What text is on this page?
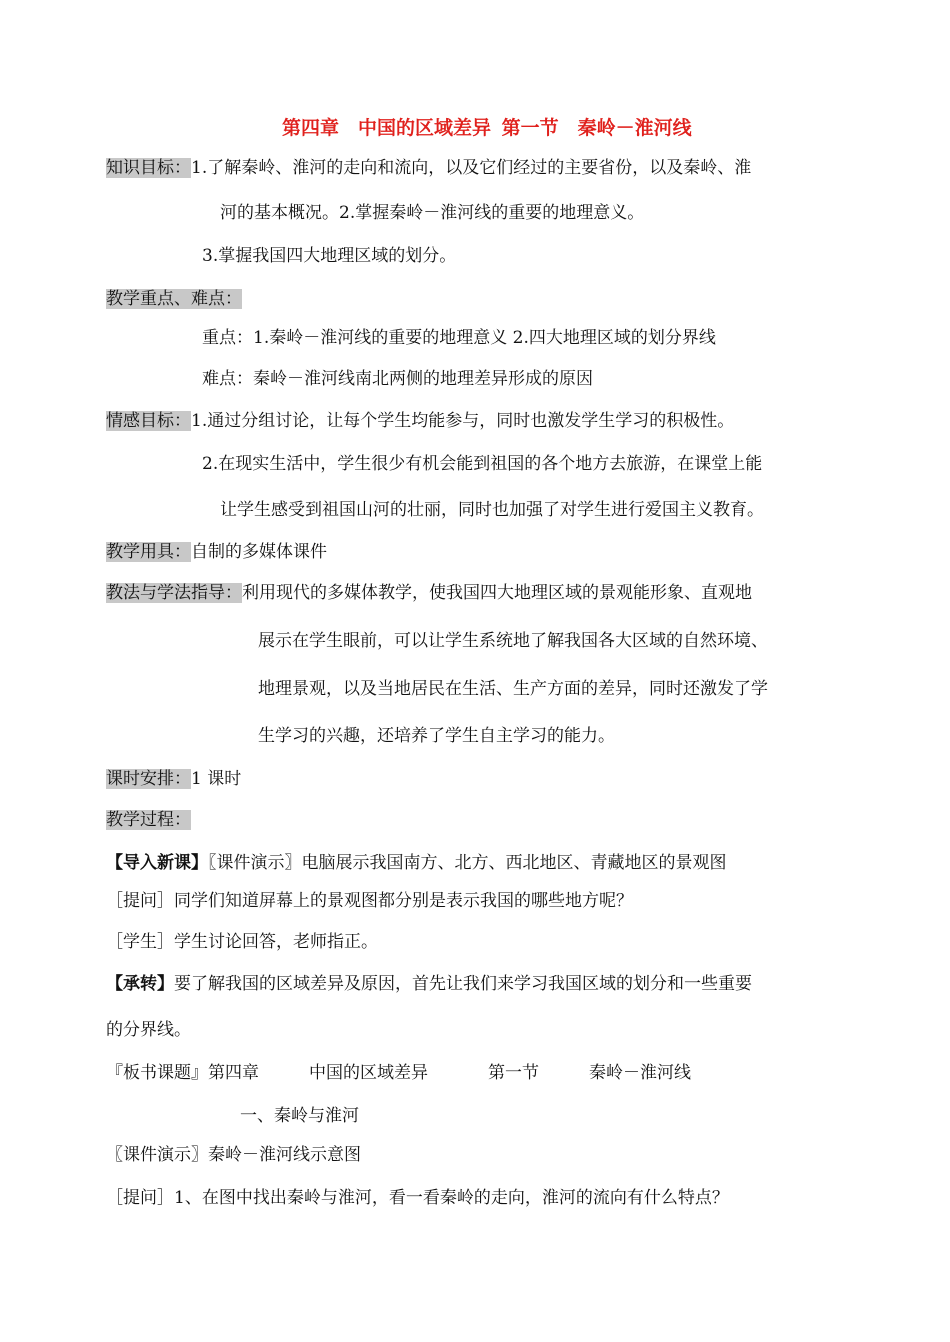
第四章　中国的区域差异 第一节　秦岭－淮河线
知识目标：1.了解秦岭、淮河的走向和流向，以及它们经过的主要省份，以及秦岭、淮
河的基本概况。2.掌握秦岭－淮河线的重要的地理意义。
3.掌握我国四大地理区域的划分。
教学重点、难点：
重点：1.秦岭－淮河线的重要的地理意义 2.四大地理区域的划分界线
难点：秦岭－淮河线南北两侧的地理差异形成的原因
情感目标：1.通过分组讨论，让每个学生均能参与，同时也激发学生学习的积极性。
2.在现实生活中，学生很少有机会能到祖国的各个地方去旅游，在课堂上能
让学生感受到祖国山河的壮丽，同时也加强了对学生进行爱国主义教育。
教学用具：自制的多媒体课件
教法与学法指导：利用现代的多媒体教学，使我国四大地理区域的景观能形象、直观地
展示在学生眼前，可以让学生系统地了解我国各大区域的自然环境、
地理景观，以及当地居民在生活、生产方面的差异，同时还激发了学
生学习的兴趣，还培养了学生自主学习的能力。
课时安排：1 课时
教学过程：
【导入新课】〖课件演示〗电脑展示我国南方、北方、西北地区、青藏地区的景观图
［提问］同学们知道屏幕上的景观图都分别是表示我国的哪些地方呢？
［学生］学生讨论回答，老师指正。
【承转】要了解我国的区域差异及原因，首先让我们来学习我国区域的划分和一些重要
的分界线。
『板书课题』第四章	中国的区域差异	第一节	秦岭－淮河线
一、秦岭与淮河
〖课件演示〗秦岭－淮河线示意图
［提问］1、在图中找出秦岭与淮河，看一看秦岭的走向，淮河的流向有什么特点？
